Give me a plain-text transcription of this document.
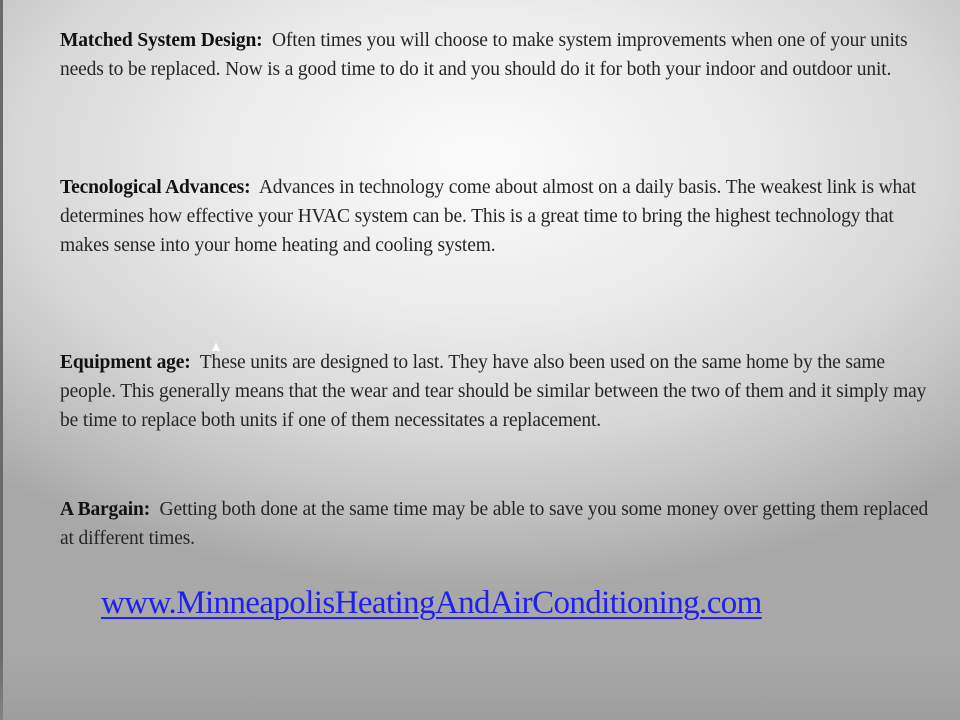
Matched System Design: Often times you will choose to make system improvements when one of your units needs to be replaced. Now is a good time to do it and you should do it for both your indoor and outdoor unit.
Tecnological Advances: Advances in technology come about almost on a daily basis. The weakest link is what determines how effective your HVAC system can be. This is a great time to bring the highest technology that makes sense into your home heating and cooling system.
Equipment age: These units are designed to last. They have also been used on the same home by the same people. This generally means that the wear and tear should be similar between the two of them and it simply may be time to replace both units if one of them necessitates a replacement.
A Bargain: Getting both done at the same time may be able to save you some money over getting them replaced at different times.
www.MinneapolisHeatingAndAirConditioning.com
